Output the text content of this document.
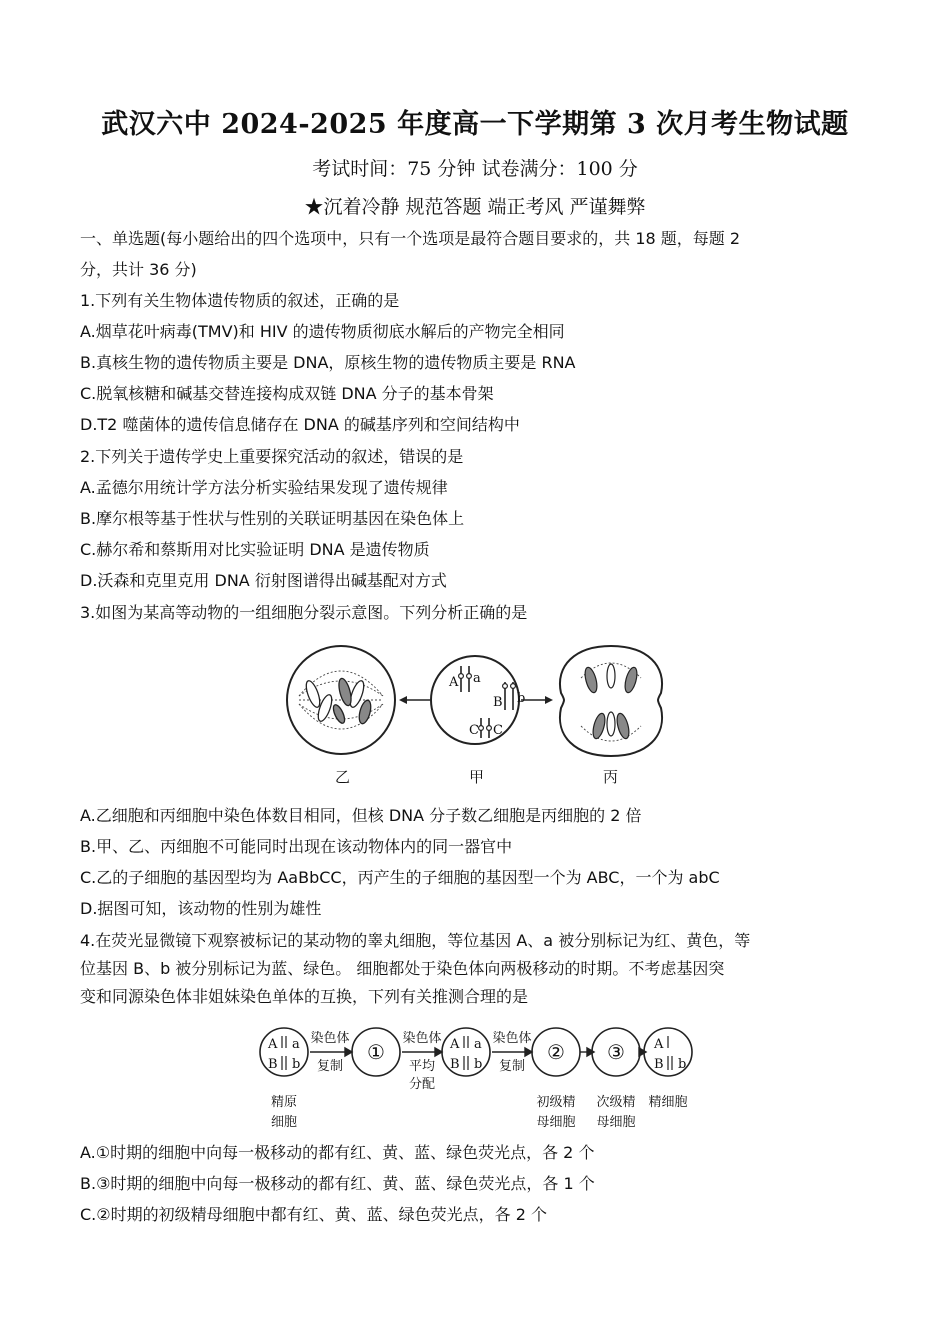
武汉六中 2024-2025 年度高一下学期第 3 次月考生物试题
考试时间：75 分钟 试卷满分：100 分
★沉着冷静 规范答题 端正考风 严谨舞弊
一、单选题(每小题给出的四个选项中，只有一个选项是最符合题目要求的，共 18 题，每题 2
分，共计 36 分)
1.下列有关生物体遗传物质的叙述，正确的是
A.烟草花叶病毒(TMV)和 HIV 的遗传物质彻底水解后的产物完全相同
B.真核生物的遗传物质主要是 DNA，原核生物的遗传物质主要是 RNA
C.脱氧核糖和碱基交替连接构成双链 DNA 分子的基本骨架
D.T2 噬菌体的遗传信息储存在 DNA 的碱基序列和空间结构中
2.下列关于遗传学史上重要探究活动的叙述，错误的是
A.孟德尔用统计学方法分析实验结果发现了遗传规律
B.摩尔根等基于性状与性别的关联证明基因在染色体上
C.赫尔希和蔡斯用对比实验证明 DNA 是遗传物质
D.沃森和克里克用 DNA 衍射图谱得出碱基配对方式
3.如图为某高等动物的一组细胞分裂示意图。下列分析正确的是
A a
B b
C C
乙	甲	丙
A.乙细胞和丙细胞中染色体数目相同，但核 DNA 分子数乙细胞是丙细胞的 2 倍
B.甲、乙、丙细胞不可能同时出现在该动物体内的同一器官中
C.乙的子细胞的基因型均为 AaBbCC，丙产生的子细胞的基因型一个为 ABC，一个为 abC
D.据图可知，该动物的性别为雄性
4.在荧光显微镜下观察被标记的某动物的睾丸细胞，等位基因 A、a 被分别标记为红、黄色，等
位基因 B、b 被分别标记为蓝、绿色。 细胞都处于染色体向两极移动的时期。不考虑基因突
变和同源染色体非姐妹染色单体的互换，下列有关推测合理的是
A a
B b
A a
B b
A
B b
①	② ③
染色体
复制
染色体
平均
分配
染色体
复制
精原
细胞
初级精
母细胞
次级精
母细胞
精细胞
A.①时期的细胞中向每一极移动的都有红、黄、蓝、绿色荧光点，各 2 个
B.③时期的细胞中向每一极移动的都有红、黄、蓝、绿色荧光点，各 1 个
C.②时期的初级精母细胞中都有红、黄、蓝、绿色荧光点，各 2 个
